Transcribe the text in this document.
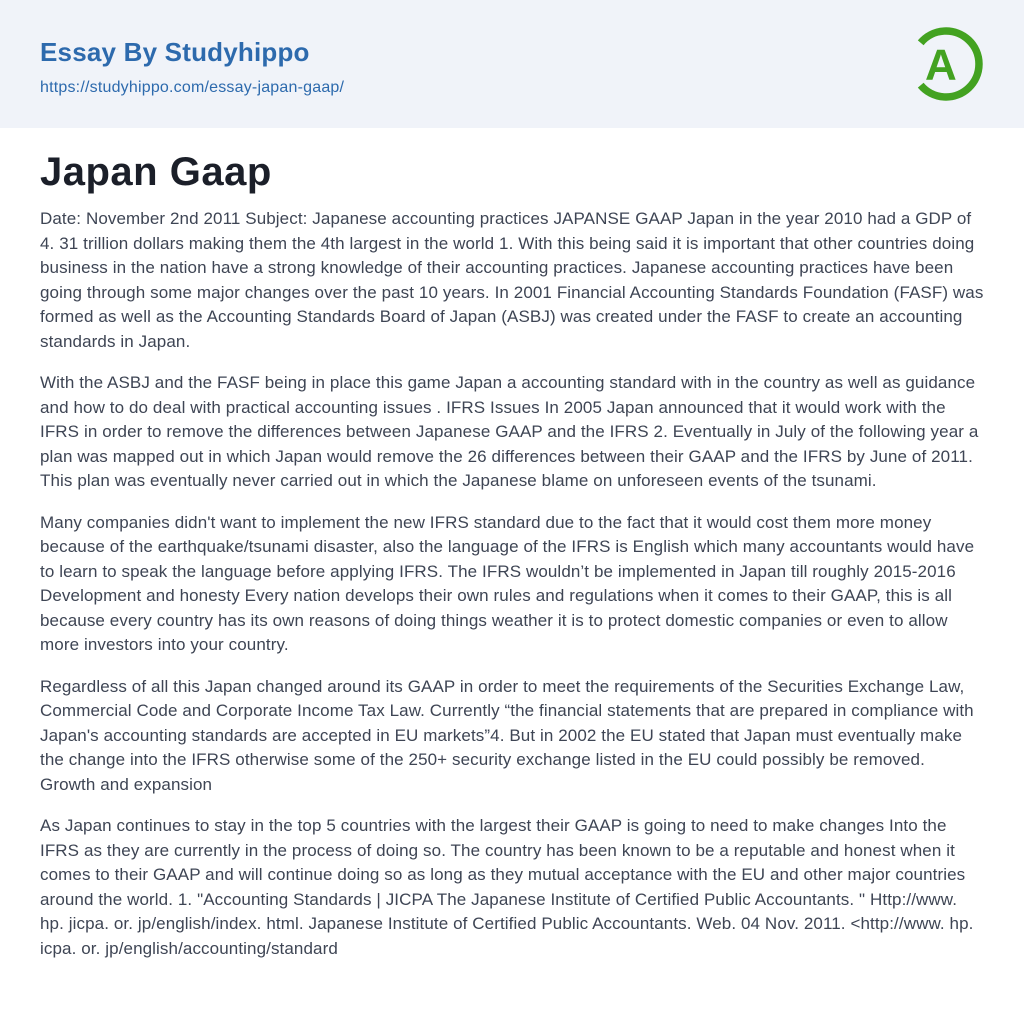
Essay By Studyhippo
https://studyhippo.com/essay-japan-gaap/	A
Japan Gaap

Date: November 2nd 2011 Subject: Japanese accounting practices JAPANSE GAAP Japan in the year 2010 had a GDP of 4. 31 trillion dollars making them the 4th largest in the world 1. With this being said it is important that other countries doing business in the nation have a strong knowledge of their accounting practices. Japanese accounting practices have been going through some major changes over the past 10 years. In 2001 Financial Accounting Standards Foundation (FASF) was formed as well as the Accounting Standards Board of Japan (ASBJ) was created under the FASF to create an accounting standards in Japan.

With the ASBJ and the FASF being in place this game Japan a accounting standard with in the country as well as guidance and how to do deal with practical accounting issues . IFRS Issues In 2005 Japan announced that it would work with the IFRS in order to remove the differences between Japanese GAAP and the IFRS 2. Eventually in July of the following year a plan was mapped out in which Japan would remove the 26 differences between their GAAP and the IFRS by June of 2011. This plan was eventually never carried out in which the Japanese blame on unforeseen events of the tsunami.

Many companies didn't want to implement the new IFRS standard due to the fact that it would cost them more money because of the earthquake/tsunami disaster, also the language of the IFRS is English which many accountants would have to learn to speak the language before applying IFRS. The IFRS wouldn’t be implemented in Japan till roughly 2015-2016 Development and honesty Every nation develops their own rules and regulations when it comes to their GAAP, this is all because every country has its own reasons of doing things weather it is to protect domestic companies or even to allow more investors into your country.

Regardless of all this Japan changed around its GAAP in order to meet the requirements of the Securities Exchange Law, Commercial Code and Corporate Income Tax Law. Currently “the financial statements that are prepared in compliance with Japan's accounting standards are accepted in EU markets”4. But in 2002 the EU stated that Japan must eventually make the change into the IFRS otherwise some of the 250+ security exchange listed in the EU could possibly be removed. Growth and expansion

As Japan continues to stay in the top 5 countries with the largest their GAAP is going to need to make changes Into the IFRS as they are currently in the process of doing so. The country has been known to be a reputable and honest when it comes to their GAAP and will continue doing so as long as they mutual acceptance with the EU and other major countries around the world. 1. "Accounting Standards | JICPA The Japanese Institute of Certified Public Accountants. " Http://www. hp. jicpa. or. jp/english/index. html. Japanese Institute of Certified Public Accountants. Web. 04 Nov. 2011. <http://www. hp. icpa. or. jp/english/accounting/standard
